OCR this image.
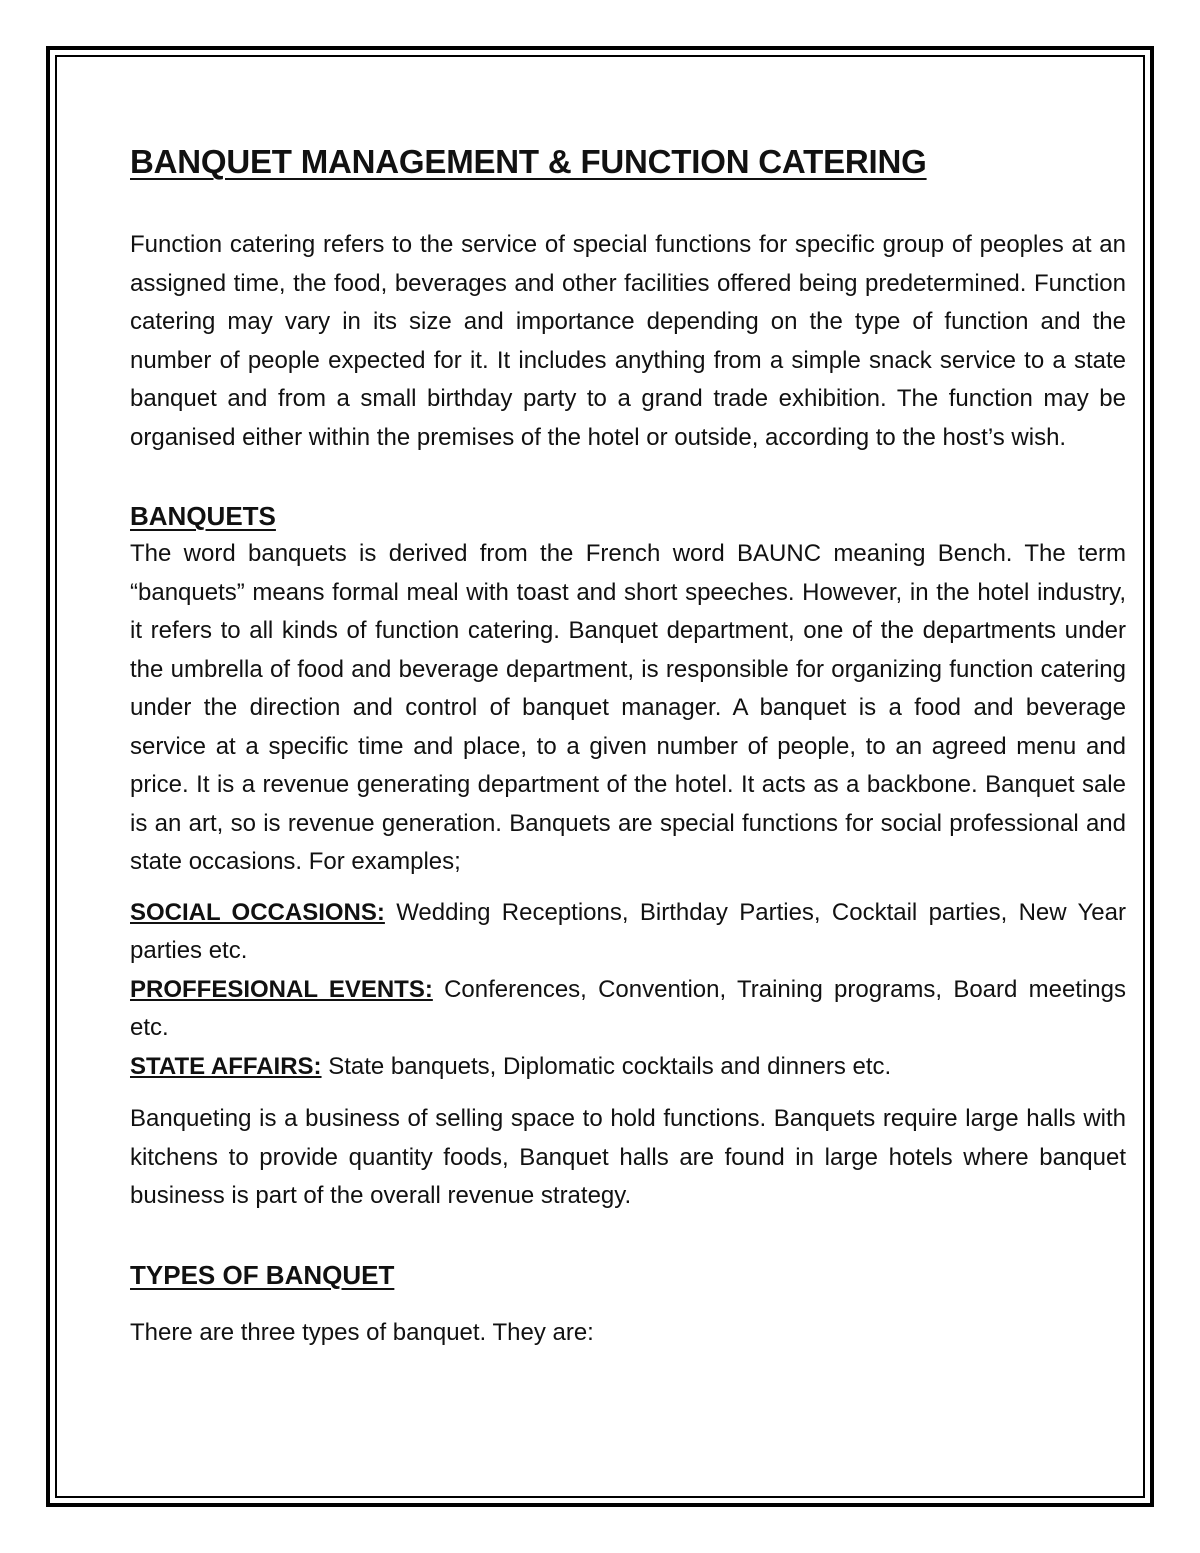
BANQUET MANAGEMENT & FUNCTION CATERING

Function catering refers to the service of special functions for specific group of peoples at an assigned time, the food, beverages and other facilities offered being predetermined. Function catering may vary in its size and importance depending on the type of function and the number of people expected for it. It includes anything from a simple snack service to a state banquet and from a small birthday party to a grand trade exhibition. The function may be organised either within the premises of the hotel or outside, according to the host’s wish.

BANQUETS

The word banquets is derived from the French word BAUNC meaning Bench. The term “banquets” means formal meal with toast and short speeches. However, in the hotel industry, it refers to all kinds of function catering. Banquet department, one of the departments under the umbrella of food and beverage department, is responsible for organizing function catering under the direction and control of banquet manager. A banquet is a food and beverage service at a specific time and place, to a given number of people, to an agreed menu and price. It is a revenue generating department of the hotel. It acts as a backbone. Banquet sale is an art, so is revenue generation. Banquets are special functions for social professional and state occasions. For examples;

SOCIAL OCCASIONS: Wedding Receptions, Birthday Parties, Cocktail parties, New Year parties etc.

PROFFESIONAL EVENTS: Conferences, Convention, Training programs, Board meetings etc.

STATE AFFAIRS: State banquets, Diplomatic cocktails and dinners etc.

Banqueting is a business of selling space to hold functions. Banquets require large halls with kitchens to provide quantity foods, Banquet halls are found in large hotels where banquet business is part of the overall revenue strategy.

TYPES OF BANQUET

There are three types of banquet. They are:
